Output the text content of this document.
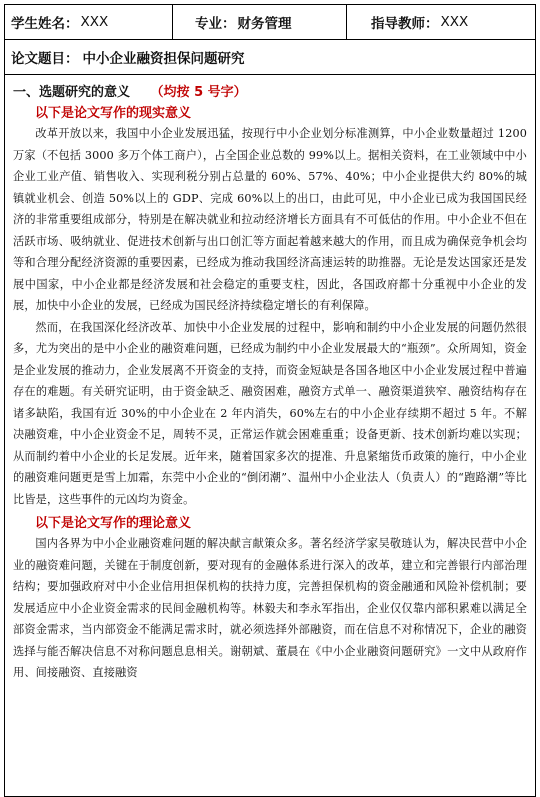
学生姓名： XXX	专业： 财务管理	指导教师： XXX
论文题目： 中小企业融资担保问题研究
一、选题研究的意义 （均按 5 号字）
以下是论文写作的现实意义

改革开放以来，我国中小企业发展迅猛，按现行中小企业划分标准测算，中小企业数量超过 1200 万家（不包括 3000 多万个体工商户），占全国企业总数的 99%以上。据相关资料，在工业领域中中小企业工业产值、销售收入、实现利税分别占总量的 60%、57%、40%；中小企业提供大约 80%的城镇就业机会、创造 50%以上的 GDP、完成 60%以上的出口，由此可见，中小企业已成为我国国民经济的非常重要组成部分，特别是在解决就业和拉动经济增长方面具有不可低估的作用。中小企业不但在活跃市场、吸纳就业、促进技术创新与出口创汇等方面起着越来越大的作用，而且成为确保竞争机会均等和合理分配经济资源的重要因素，已经成为推动我国经济高速运转的助推器。无论是发达国家还是发展中国家，中小企业都是经济发展和社会稳定的重要支柱，因此，各国政府都十分重视中小企业的发展，加快中小企业的发展，已经成为国民经济持续稳定增长的有利保障。

然而，在我国深化经济改革、加快中小企业发展的过程中，影响和制约中小企业发展的问题仍然很多，尤为突出的是中小企业的融资难问题，已经成为制约中小企业发展最大的“瓶颈”。众所周知，资金是企业发展的推动力，企业发展离不开资金的支持，而资金短缺是各国各地区中小企业发展过程中普遍存在的难题。有关研究证明，由于资金缺乏、融资困难，融资方式单一、融资渠道狭窄、融资结构存在诸多缺陷，我国有近 30%的中小企业在 2 年内消失，60%左右的中小企业存续期不超过 5 年。不解决融资难，中小企业资金不足，周转不灵，正常运作就会困难重重；设备更新、技术创新均难以实现；从而制约着中小企业的长足发展。近年来，随着国家多次的提准、升息紧缩货币政策的施行，中小企业的融资难问题更是雪上加霜，东莞中小企业的“倒闭潮”、温州中小企业法人（负责人）的“跑路潮”等比比皆是，这些事件的元凶均为资金。

以下是论文写作的理论意义

国内各界为中小企业融资难问题的解决献言献策众多。著名经济学家吴敬琏认为，解决民营中小企业的融资难问题，关键在于制度创新，要对现有的金融体系进行深入的改革，建立和完善银行内部治理结构；要加强政府对中小企业信用担保机构的扶持力度，完善担保机构的资金融通和风险补偿机制；要发展适应中小企业资金需求的民间金融机构等。林毅夫和李永军指出，企业仅仅靠内部积累难以满足全部资金需求，当内部资金不能满足需求时，就必须选择外部融资，而在信息不对称情况下，企业的融资选择与能否解决信息不对称问题息息相关。谢朝斌、董晨在《中小企业融资问题研究》一文中从政府作用、间接融资、直接融资
